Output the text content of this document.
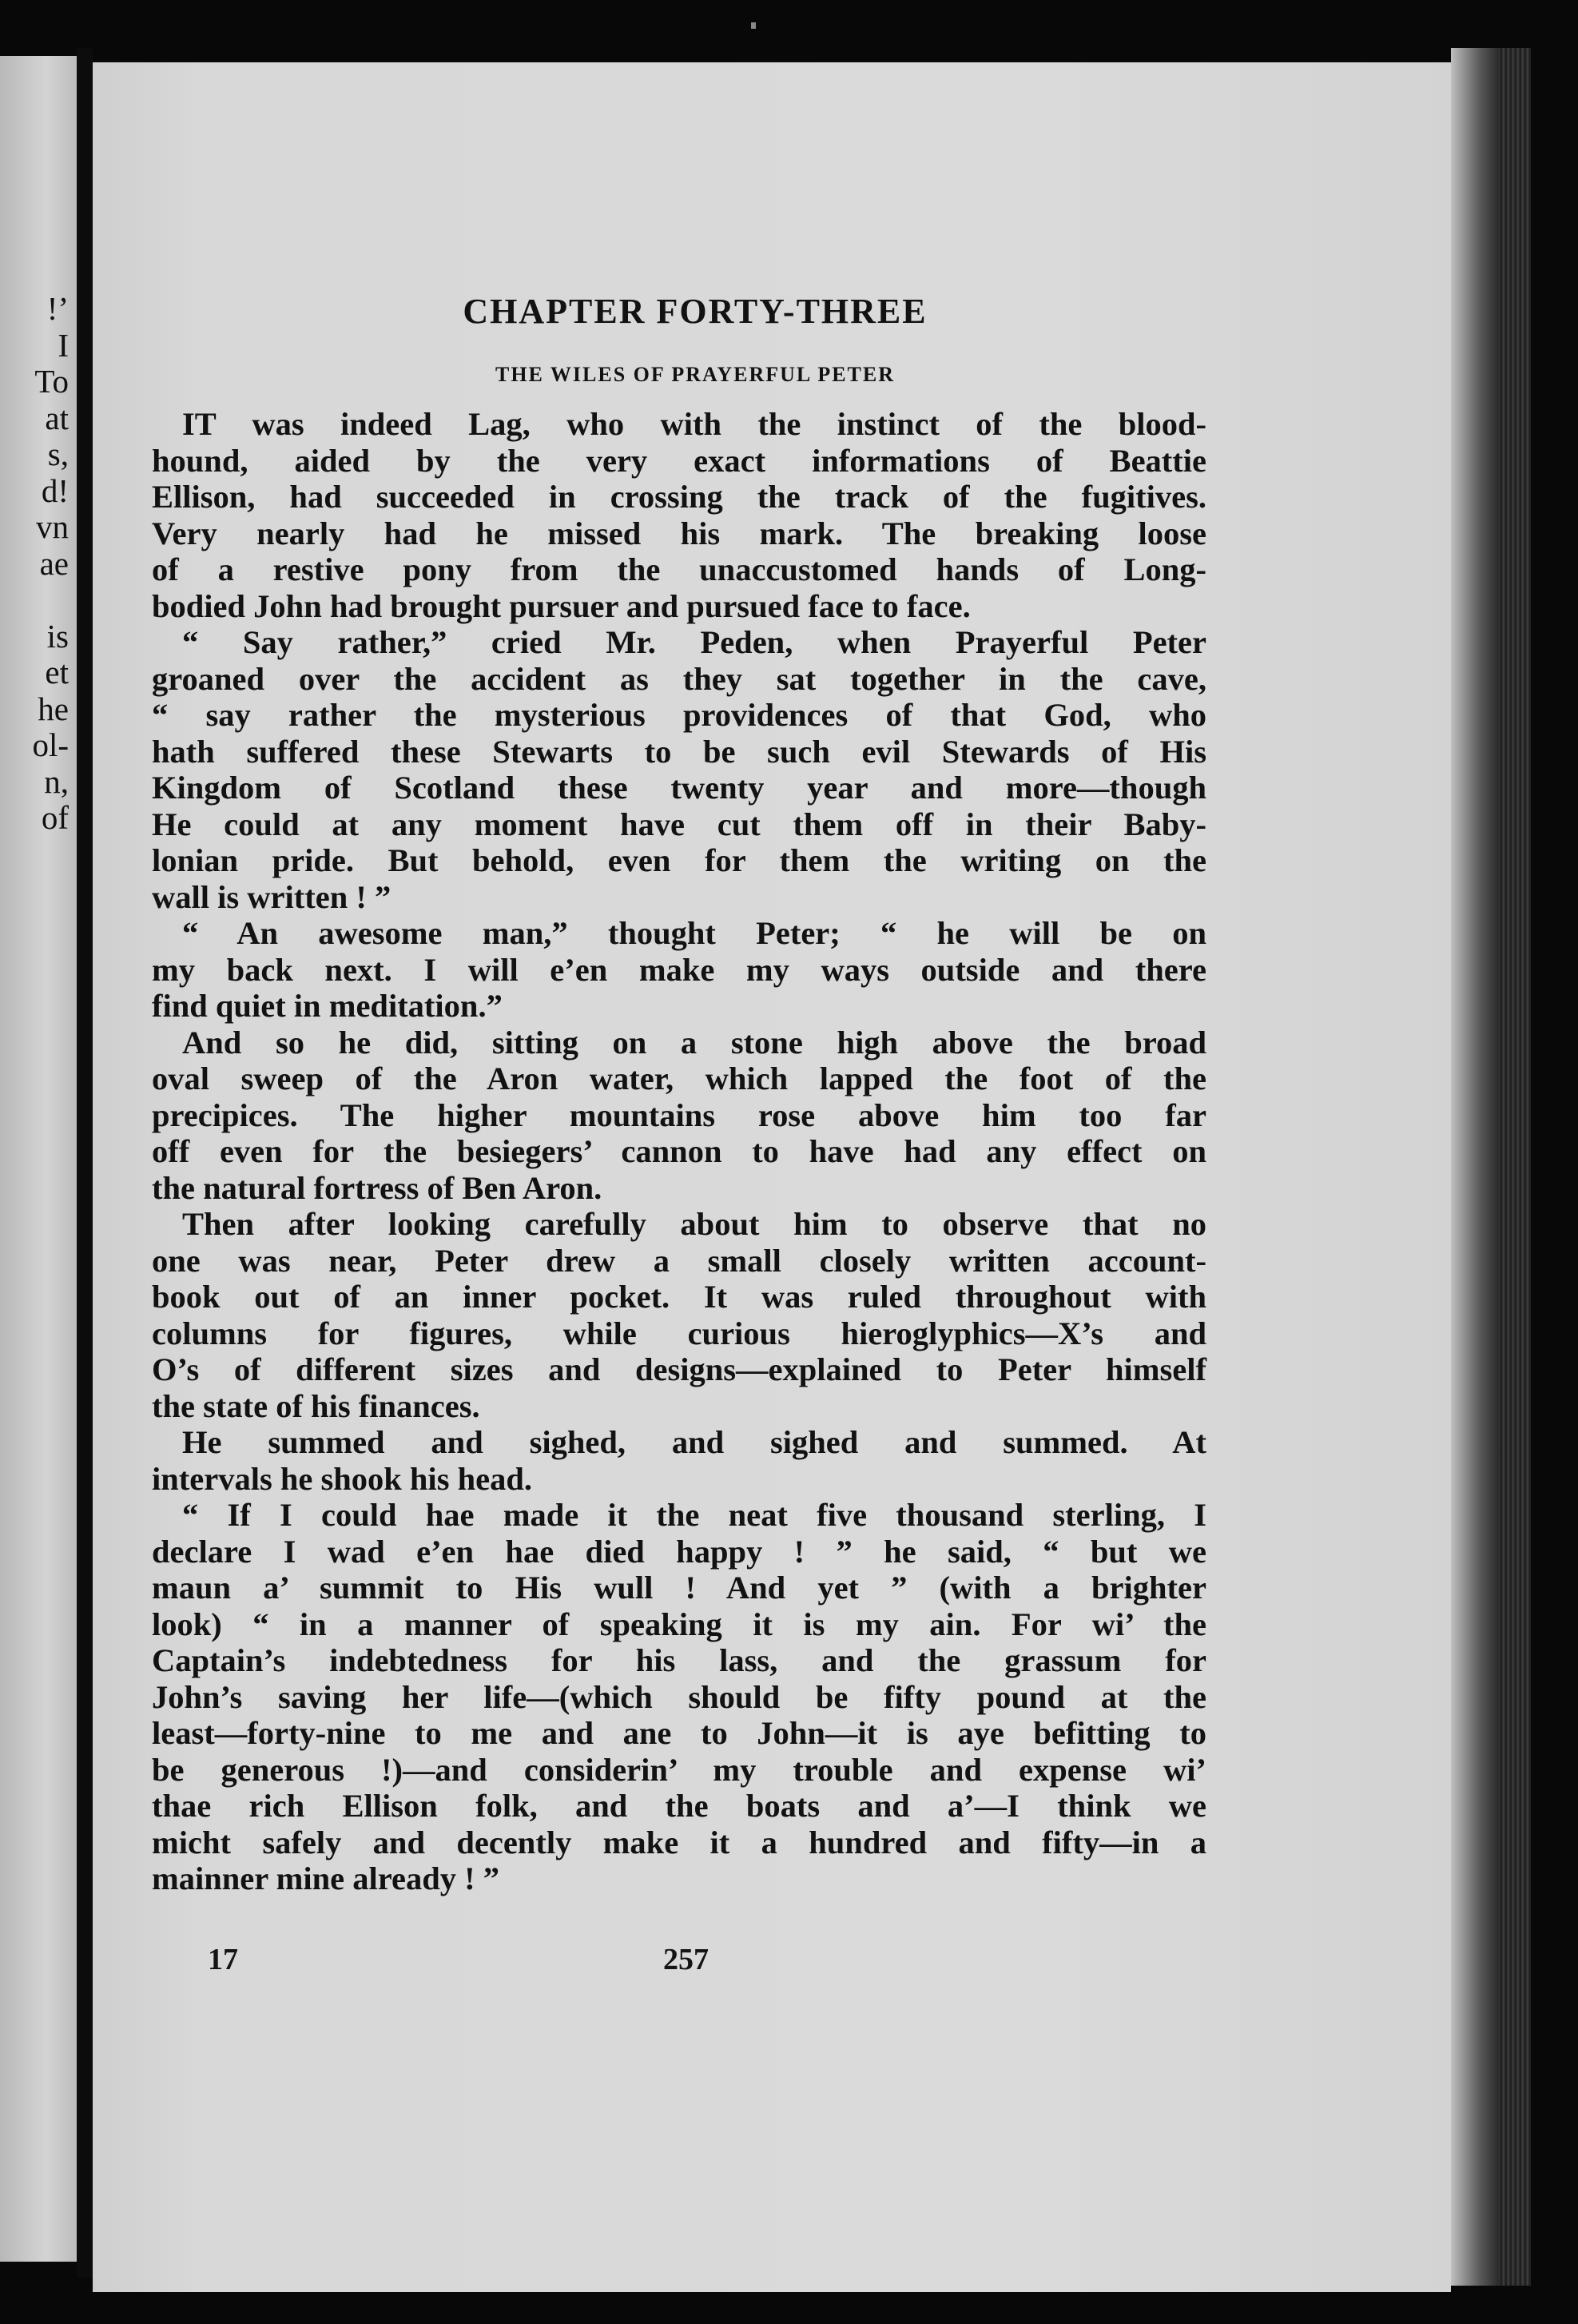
!’
I
To
at
s,
d!
vn
ae

is
et
he
ol-
n,
of
CHAPTER FORTY-THREE
THE WILES OF PRAYERFUL PETER
IT was indeed Lag, who with the instinct of the blood-
hound, aided by the very exact informations of Beattie
Ellison, had succeeded in crossing the track of the fugitives.
Very nearly had he missed his mark. The breaking loose
of a restive pony from the unaccustomed hands of Long-
bodied John had brought pursuer and pursued face to face.
“ Say rather,” cried Mr. Peden, when Prayerful Peter
groaned over the accident as they sat together in the cave,
“ say rather the mysterious providences of that God, who
hath suffered these Stewarts to be such evil Stewards of His
Kingdom of Scotland these twenty year and more—though
He could at any moment have cut them off in their Baby-
lonian pride. But behold, even for them the writing on the
wall is written ! ”
“ An awesome man,” thought Peter; “ he will be on
my back next. I will e’en make my ways outside and there
find quiet in meditation.”
And so he did, sitting on a stone high above the broad
oval sweep of the Aron water, which lapped the foot of the
precipices. The higher mountains rose above him too far
off even for the besiegers’ cannon to have had any effect on
the natural fortress of Ben Aron.
Then after looking carefully about him to observe that no
one was near, Peter drew a small closely written account-
book out of an inner pocket. It was ruled throughout with
columns for figures, while curious hieroglyphics—X’s and
O’s of different sizes and designs—explained to Peter himself
the state of his finances.
He summed and sighed, and sighed and summed. At
intervals he shook his head.
“ If I could hae made it the neat five thousand sterling, I
declare I wad e’en hae died happy ! ” he said, “ but we
maun a’ summit to His wull ! And yet ” (with a brighter
look) “ in a manner of speaking it is my ain. For wi’ the
Captain’s indebtedness for his lass, and the grassum for
John’s saving her life—(which should be fifty pound at the
least—forty-nine to me and ane to John—it is aye befitting to
be generous !)—and considerin’ my trouble and expense wi’
thae rich Ellison folk, and the boats and a’—I think we
micht safely and decently make it a hundred and fifty—in a
mainner mine already ! ”
17	257
